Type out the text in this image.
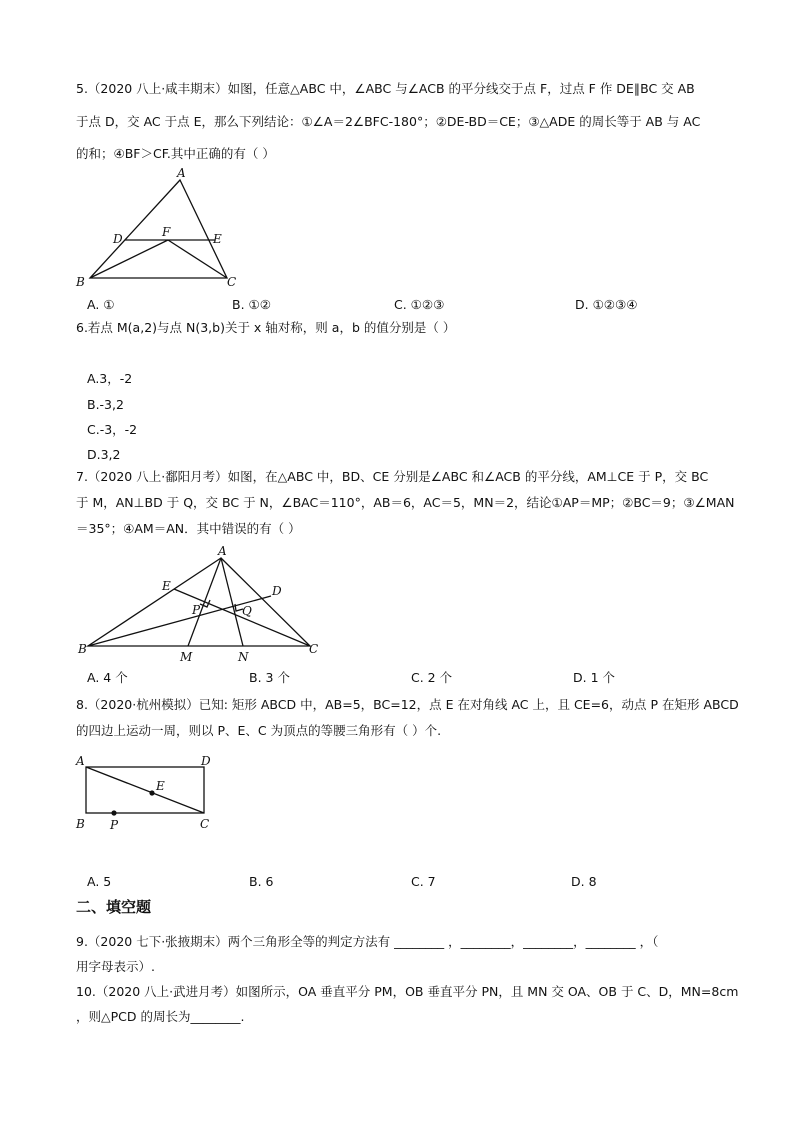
5.（2020 八上·咸丰期末）如图，任意△ABC 中，∠ABC 与∠ACB 的平分线交于点 F，过点 F 作 DE∥BC 交 AB
于点 D，交 AC 于点 E，那么下列结论：①∠A＝2∠BFC-180°；②DE-BD＝CE；③△ADE 的周长等于 AB 与 AC
的和；④BF＞CF.其中正确的有（ ）
A
D	F	E
B	C
A. ①	B. ①②	C. ①②③	D. ①②③④
6.若点 M(a,2)与点 N(3,b)关于 x 轴对称，则 a，b 的值分别是（ ）
A.3，-2
B.-3,2
C.-3，-2
D.3,2
7.（2020 八上·鄱阳月考）如图，在△ABC 中，BD、CE 分别是∠ABC 和∠ACB 的平分线，AM⊥CE 于 P，交 BC
于 M，AN⊥BD 于 Q，交 BC 于 N，∠BAC＝110°，AB＝6，AC＝5，MN＝2，结论①AP＝MP；②BC＝9；③∠MAN
＝35°；④AM＝AN．其中错误的有（ ）
A
E	D
P	Q
B
M	N
C
A. 4 个	B. 3 个	C. 2 个	D. 1 个
8.（2020·杭州模拟）已知: 矩形 ABCD 中，AB=5，BC=12，点 E 在对角线 AC 上，且 CE=6，动点 P 在矩形 ABCD
的四边上运动一周，则以 P、E、C 为顶点的等腰三角形有（ ）个.
A	D
E
B P	C
A. 5	B. 6	C. 7	D. 8
二、填空题
9.（2020 七下·张掖期末）两个三角形全等的判定方法有 ________ ，________，________，________ ，（
用字母表示）.
10.（2020 八上·武进月考）如图所示，OA 垂直平分 PM，OB 垂直平分 PN，且 MN 交 OA、OB 于 C、D，MN=8cm
，则△PCD 的周长为________.
